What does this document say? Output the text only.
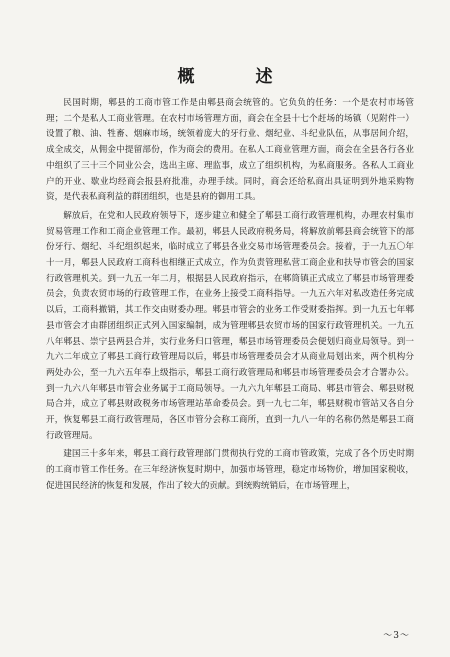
概　述

民国时期，郫县的工商市管工作是由郫县商会统管的。它负负的任务：一个是农村市场管理；二个是私人工商业管理。在农村市场管理方面，商会在全县十七个赶场的场镇（见附件一）设置了粮、油、牲畜、烟麻市场，统领着庞大的牙行业、烟纪业、斗纪业队伍，从事居间介绍，成全成交，从佣金中提留部份，作为商会的费用。在私人工商业管理方面，商会在全县各行各业中组织了三十三个同业公会，选出主席、理监事，成立了组织机构，为私商服务。各私人工商业户的开业、歇业均经商会报县府批准，办理手续。同时，商会还给私商出具证明到外地采购物资，是代表私商利益的群团组织，也是县府的御用工具。

解放后，在党和人民政府领导下，逐步建立和健全了郫县工商行政管理机构，办理农村集市贸易管理工作和工商企业管理工作。最初，郫县人民政府税务局，将解放前郫县商会统管下的部份牙行、烟纪、斗纪组织起来，临时成立了郫县各业交易市场管理委员会。接着，于一九五〇年十一月，郫县人民政府工商科也相继正式成立，作为负责管理私营工商企业和扶导市管会的国家行政管理机关。到一九五一年二月，根据县人民政府指示，在郫筒镇正式成立了郫县市场管理委员会，负责农贸市场的行政管理工作，在业务上接受工商科指导。一九五六年对私改造任务完成以后，工商科撤销，其工作交由财委办理。郫县市管会的业务工作受财委指挥。到一九五七年郫县市管会才由群团组织正式列入国家编制，成为管理郫县农贸市场的国家行政管理机关。一九五八年郫县、崇宁县两县合并，实行业务归口管理，郫县市场管理委员会便划归商业局领导。到一九六二年成立了郫县工商行政管理局以后，郫县市场管理委员会才从商业局划出来，两个机构分两处办公，至一九六五年奉上级指示，郫县工商行政管理局和郫县市场管理委员会才合署办公。到一九六八年郫县市管会业务属于工商局领导。一九六九年郫县工商局、郫县市管会、郫县财税局合并，成立了郫县财政税务市场管理站革命委员会。到一九七二年，郫县财税市管站又各自分开，恢复郫县工商行政管理局，各区市管分会称工商所，直到一九八一年的名称仍然是郫县工商行政管理局。

建国三十多年来，郫县工商行政管理部门贯彻执行党的工商市管政策，完成了各个历史时期的工商市管工作任务。在三年经济恢复时期中，加强市场管理，稳定市场物价，增加国家税收，促进国民经济的恢复和发展，作出了较大的贡献。到统购统销后，在市场管理上，

～3～
